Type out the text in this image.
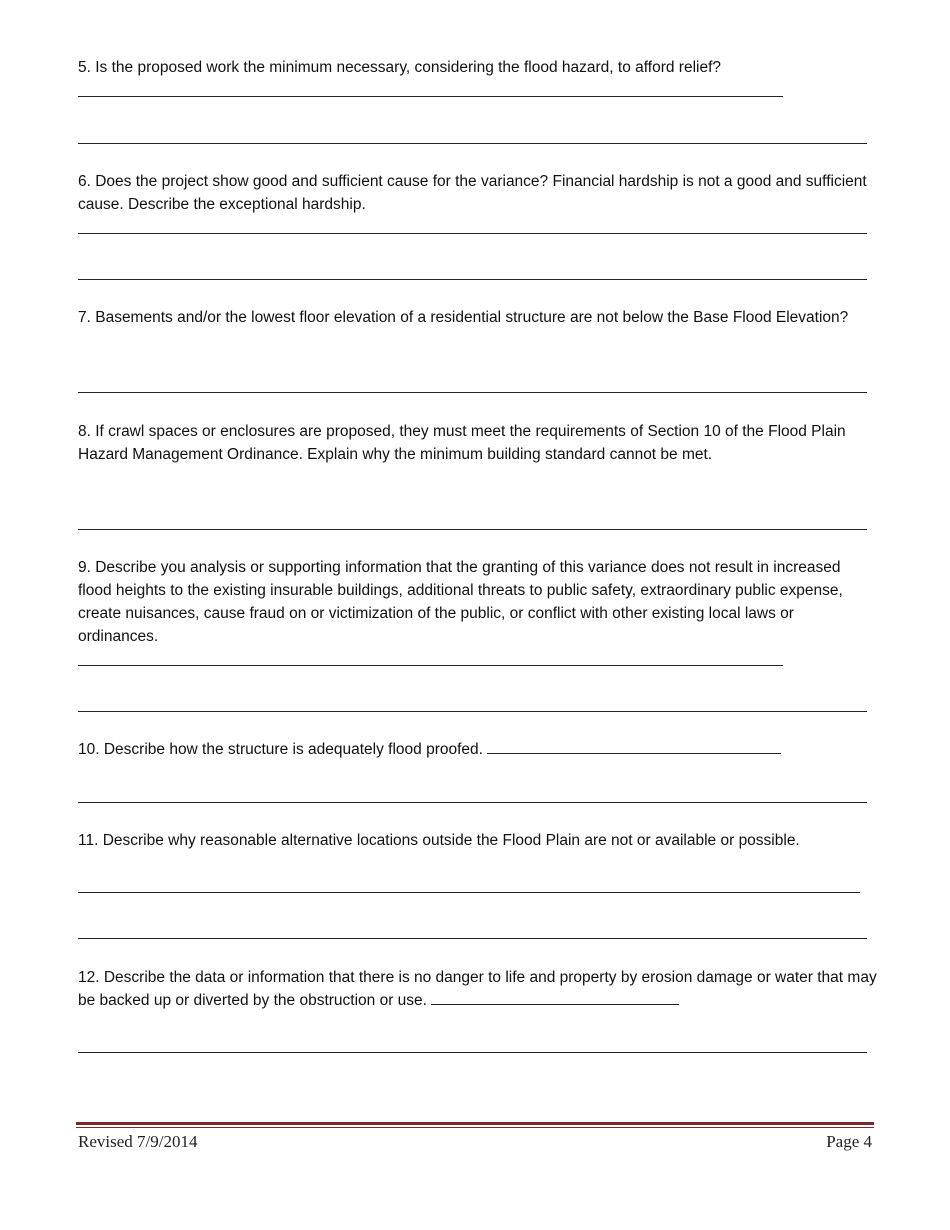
5. Is the proposed work the minimum necessary, considering the flood hazard, to afford relief?

6. Does the project show good and sufficient cause for the variance? Financial hardship is not a good and sufficient cause. Describe the exceptional hardship.

7. Basements and/or the lowest floor elevation of a residential structure are not below the Base Flood Elevation?

8. If crawl spaces or enclosures are proposed, they must meet the requirements of Section 10 of the Flood Plain Hazard Management Ordinance. Explain why the minimum building standard cannot be met.

9. Describe you analysis or supporting information that the granting of this variance does not result in increased flood heights to the existing insurable buildings, additional threats to public safety, extraordinary public expense, create nuisances, cause fraud on or victimization of the public, or conflict with other existing local laws or ordinances.

10. Describe how the structure is adequately flood proofed.

11. Describe why reasonable alternative locations outside the Flood Plain are not or available or possible.

12. Describe the data or information that there is no danger to life and property by erosion damage or water that may be backed up or diverted by the obstruction or use.

Revised 7/9/2014	Page 4
